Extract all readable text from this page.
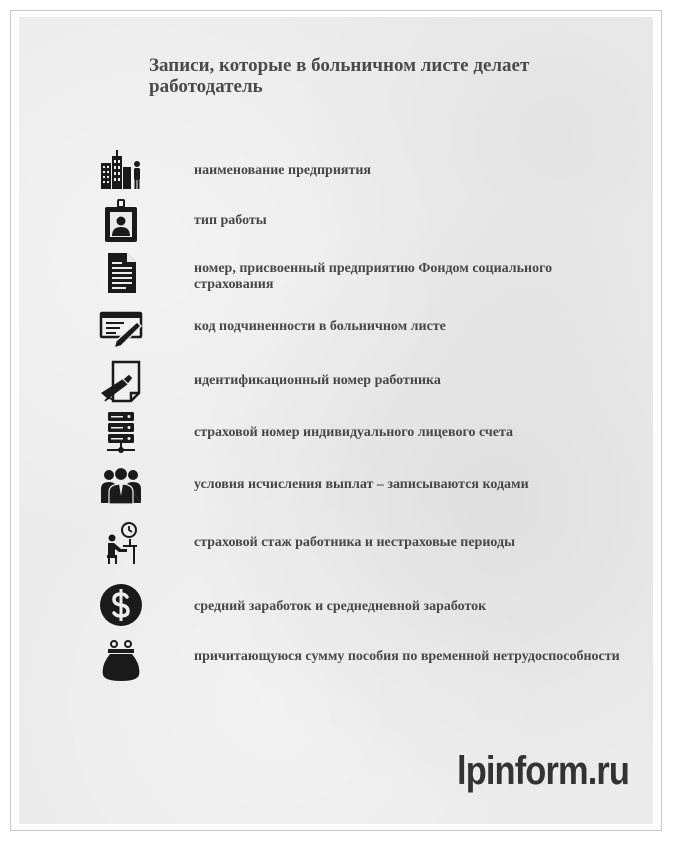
Записи, которые в больничном листе делает работодатель
наименование предприятия
тип работы
номер, присвоенный предприятию Фондом социального страхования
код подчиненности в больничном листе
идентификационный номер работника
страховой номер индивидуального лицевого счета
условия исчисления выплат – записываются кодами
страховой стаж работника и нестраховые периоды
средний заработок и среднедневной заработок
причитающуюся сумму пособия по временной нетрудоспособности
lpinform.ru
